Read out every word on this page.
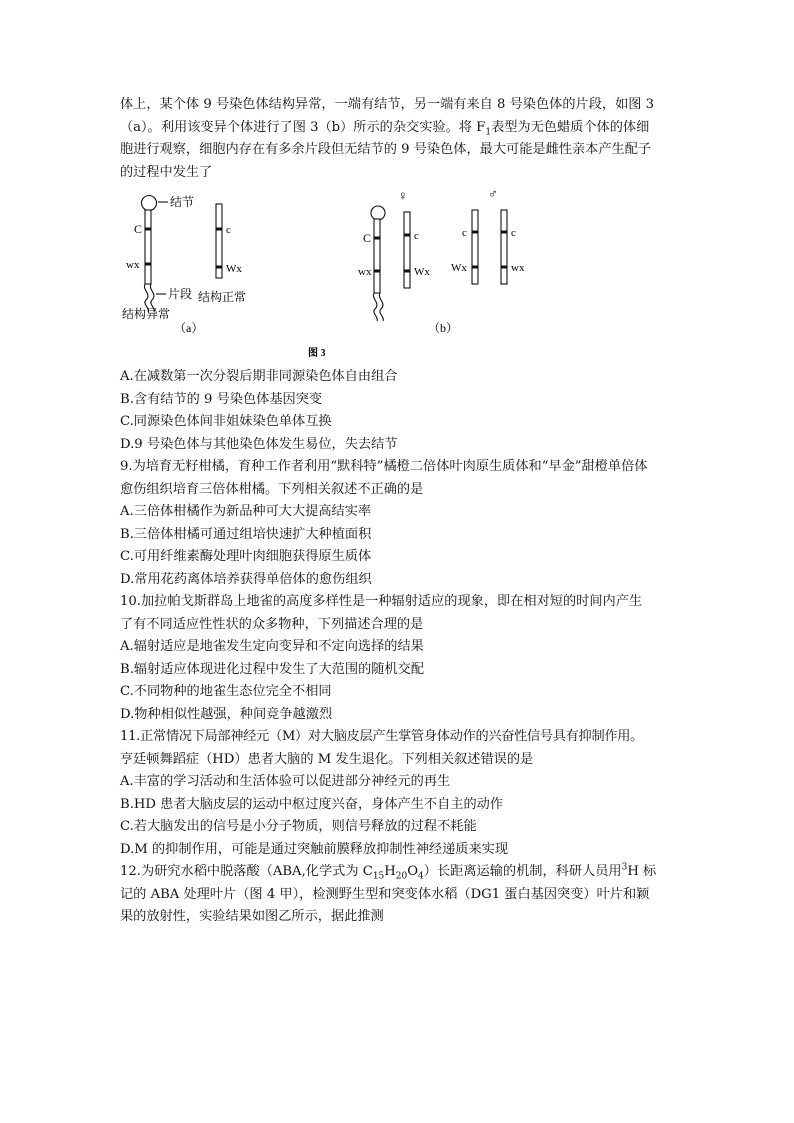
体上，某个体 9 号染色体结构异常，一端有结节，另一端有来自 8 号染色体的片段，如图 3
（a）。利用该变异个体进行了图 3（b）所示的杂交实验。将 $F_1$表型为无色蜡质个体的体细
胞进行观察，细胞内存在有多余片段但无结节的 9 号染色体，最大可能是雌性亲本产生配子
的过程中发生了
结节
C
wx
片段
结构异常
c
Wx
结构正常
（a）
♀
C
wx
c
Wx
♂
c
Wx
c
wx
（b）
图 3
A.在减数第一次分裂后期非同源染色体自由组合
B.含有结节的 9 号染色体基因突变
C.同源染色体间非姐妹染色单体互换
D.9 号染色体与其他染色体发生易位，失去结节
9.为培育无籽柑橘，育种工作者利用“默科特”橘橙二倍体叶肉原生质体和“早金”甜橙单倍体
愈伤组织培育三倍体柑橘。下列相关叙述不正确的是
A.三倍体柑橘作为新品种可大大提高结实率
B.三倍体柑橘可通过组培快速扩大种植面积
C.可用纤维素酶处理叶肉细胞获得原生质体
D.常用花药离体培养获得单倍体的愈伤组织
10.加拉帕戈斯群岛上地雀的高度多样性是一种辐射适应的现象，即在相对短的时间内产生
了有不同适应性性状的众多物种，下列描述合理的是
A.辐射适应是地雀发生定向变异和不定向选择的结果
B.辐射适应体现进化过程中发生了大范围的随机交配
C.不同物种的地雀生态位完全不相同
D.物种相似性越强，种间竞争越激烈
11.正常情况下局部神经元（M）对大脑皮层产生掌管身体动作的兴奋性信号具有抑制作用。
亨廷顿舞蹈症（HD）患者大脑的 M 发生退化。下列相关叙述错误的是
A.丰富的学习活动和生活体验可以促进部分神经元的再生
B.HD 患者大脑皮层的运动中枢过度兴奋，身体产生不自主的动作
C.若大脑发出的信号是小分子物质，则信号释放的过程不耗能
D.M 的抑制作用，可能是通过突触前膜释放抑制性神经递质来实现
12.为研究水稻中脱落酸（ABA,化学式为 $C_{15}H_{20}O_4$）长距离运输的机制，科研人员用$^3$H 标
记的 ABA 处理叶片（图 4 甲），检测野生型和突变体水稻（DG1 蛋白基因突变）叶片和颖
果的放射性，实验结果如图乙所示，据此推测
